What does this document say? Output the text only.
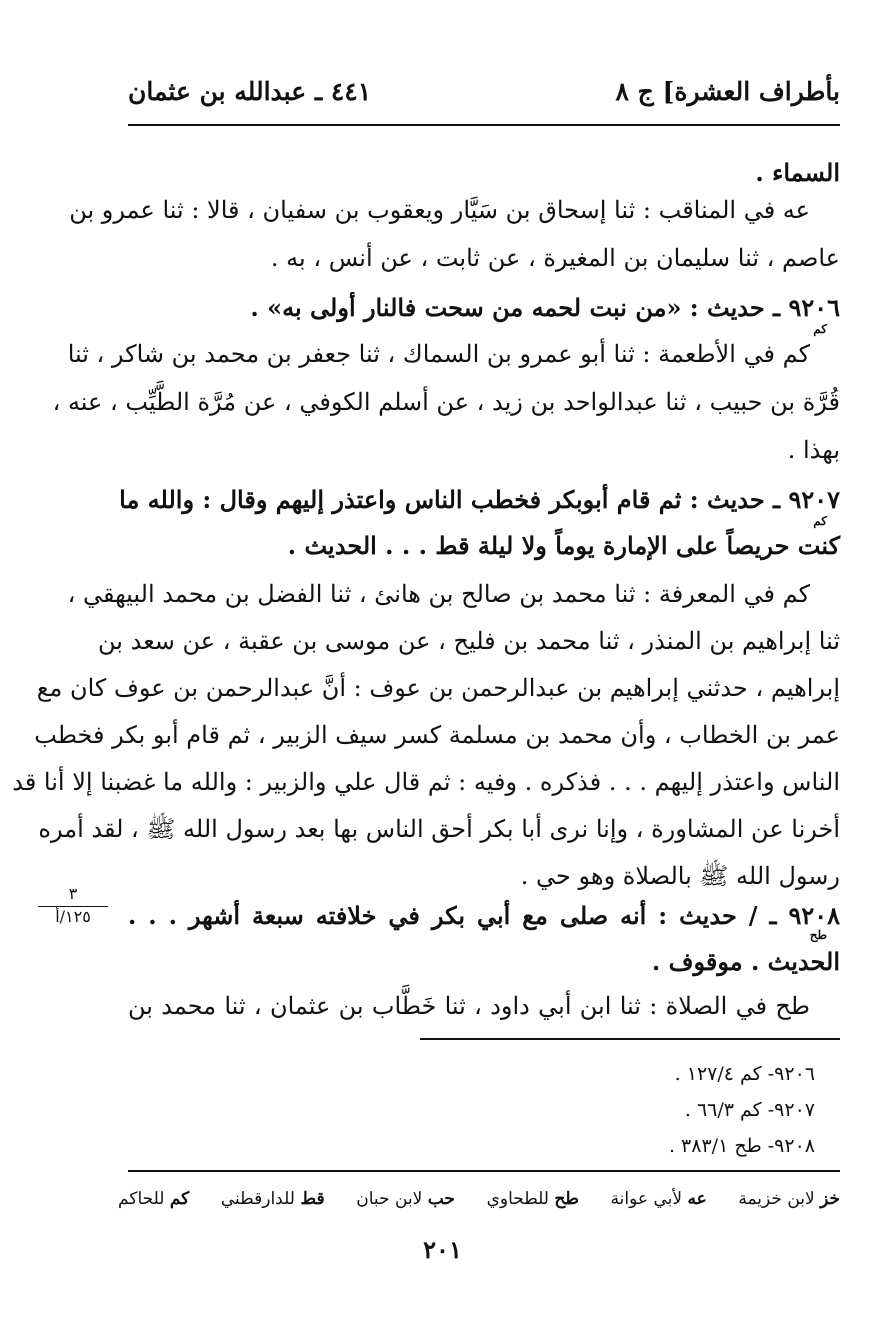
بأطراف العشرة] ج ٨
٤٤١ ـ عبدالله بن عثمان
السماء .
عه في المناقب : ثنا إسحاق بن سَيَّار ويعقوب بن سفيان ، قالا : ثنا عمرو بن
عاصم ، ثنا سليمان بن المغيرة ، عن ثابت ، عن أنس ، به .
٩٢٠٦ ـ حديث : «من نبت لحمه من سحت فالنار أولى به» .
كم
كم في الأطعمة : ثنا أبو عمرو بن السماك ، ثنا جعفر بن محمد بن شاكر ، ثنا
قُرَّة بن حبيب ، ثنا عبدالواحد بن زيد ، عن أسلم الكوفي ، عن مُرَّة الطَّيِّب ، عنه ،
بهذا .
٩٢٠٧ ـ حديث : ثم قام أبوبكر فخطب الناس واعتذر إليهم وقال : والله ما
كم
كنت حريصاً على الإمارة يوماً ولا ليلة قط . . . الحديث .
كم في المعرفة : ثنا محمد بن صالح بن هانئ ، ثنا الفضل بن محمد البيهقي ،
ثنا إبراهيم بن المنذر ، ثنا محمد بن فليح ، عن موسى بن عقبة ، عن سعد بن
إبراهيم ، حدثني إبراهيم بن عبدالرحمن بن عوف : أنَّ عبدالرحمن بن عوف كان مع
عمر بن الخطاب ، وأن محمد بن مسلمة كسر سيف الزبير ، ثم قام أبو بكر فخطب
الناس واعتذر إليهم . . . فذكره . وفيه : ثم قال علي والزبير : والله ما غضبنا إلا أنا قد
أخرنا عن المشاورة ، وإنا نرى أبا بكر أحق الناس بها بعد رسول الله ﷺ ، لقد أمره
رسول الله ﷺ بالصلاة وهو حي .
٩٢٠٨ ـ / حديث : أنه صلى مع أبي بكر في خلافته سبعة أشهر . . .
طح
الحديث . موقوف .
طح في الصلاة : ثنا ابن أبي داود ، ثنا خَطَّاب بن عثمان ، ثنا محمد بن
٣
١٢٥/أ
٩٢٠٦- كم ١٢٧/٤ .
٩٢٠٧- كم ٦٦/٣ .
٩٢٠٨- طح ٣٨٣/١ .
خز لابن خزيمة
عه لأبي عوانة
طح للطحاوي
حب لابن حبان
قط للدارقطني
كم للحاكم
٢٠١
